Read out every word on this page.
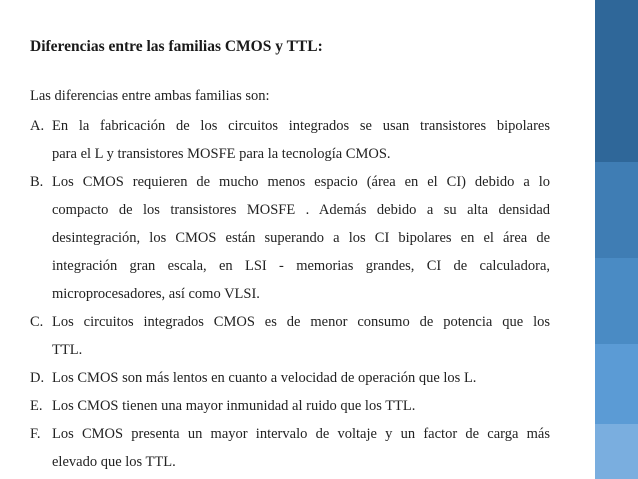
Diferencias entre las familias CMOS y TTL:
Las diferencias entre ambas familias son:
A. En la fabricación de los circuitos integrados se usan transistores bipolares
para el L y transistores MOSFE para la tecnología CMOS.
B. Los CMOS requieren de mucho menos espacio (área en el CI) debido a lo
compacto de los transistores MOSFE . Además debido a su alta densidad
desintegración, los CMOS están superando a los CI bipolares en el área de
integración gran escala, en LSI - memorias grandes, CI de calculadora,
microprocesadores, así como VLSI.
C. Los circuitos integrados CMOS es de menor consumo de potencia que los
TTL.
D. Los CMOS son más lentos en cuanto a velocidad de operación que los L.
E. Los CMOS tienen una mayor inmunidad al ruido que los TTL.
F. Los CMOS presenta un mayor intervalo de voltaje y un factor de carga más
elevado que los TTL.
